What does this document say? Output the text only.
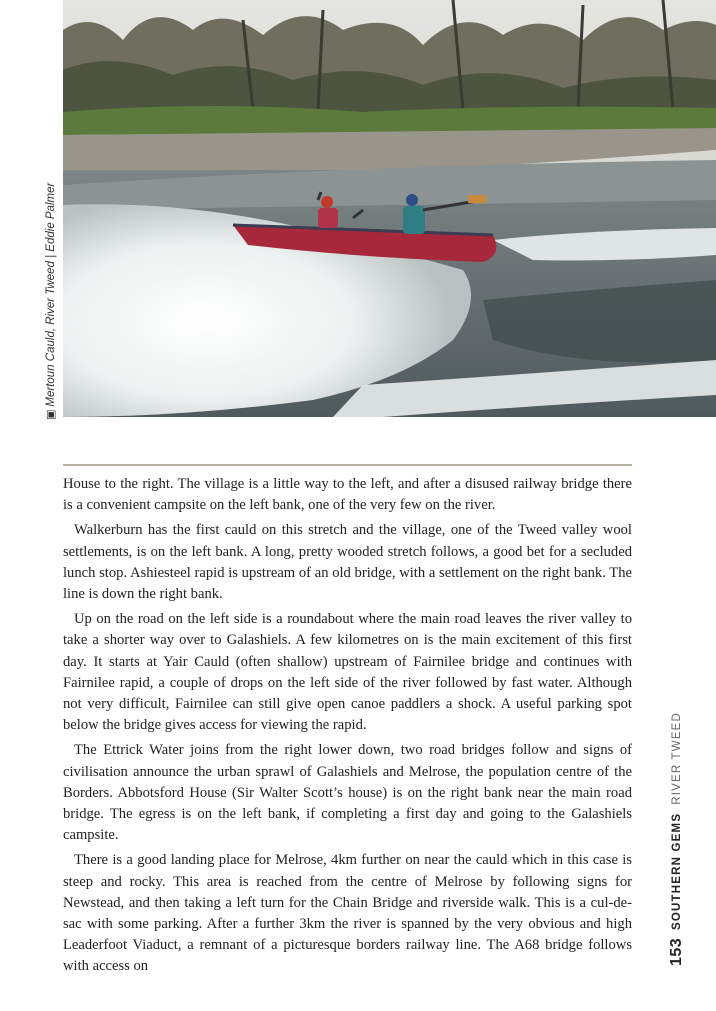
▣Mertoun Cauld, River Tweed | Eddie Palmer

House to the right. The village is a little way to the left, and after a disused railway bridge there is a convenient campsite on the left bank, one of the very few on the river.

Walkerburn has the first cauld on this stretch and the village, one of the Tweed valley wool settlements, is on the left bank. A long, pretty wooded stretch follows, a good bet for a secluded lunch stop. Ashiesteel rapid is upstream of an old bridge, with a settlement on the right bank. The line is down the right bank.

Up on the road on the left side is a roundabout where the main road leaves the river valley to take a shorter way over to Galashiels. A few kilometres on is the main excitement of this first day. It starts at Yair Cauld (often shallow) upstream of Fairnilee bridge and continues with Fairnilee rapid, a couple of drops on the left side of the river followed by fast water. Although not very difficult, Fairnilee can still give open canoe paddlers a shock. A useful parking spot below the bridge gives access for viewing the rapid.

The Ettrick Water joins from the right lower down, two road bridges follow and signs of civilisation announce the urban sprawl of Galashiels and Melrose, the population centre of the Borders. Abbotsford House (Sir Walter Scott’s house) is on the right bank near the main road bridge. The egress is on the left bank, if completing a first day and going to the Galashiels campsite.

There is a good landing place for Melrose, 4km further on near the cauld which in this case is steep and rocky. This area is reached from the centre of Melrose by following signs for Newstead, and then taking a left turn for the Chain Bridge and riverside walk. This is a cul-de-sac with some parking. After a further 3km the river is spanned by the very obvious and high Leaderfoot Viaduct, a remnant of a picturesque borders railway line. The A68 bridge follows with access on

SOUTHERN GEMSRIVER TWEED
153
